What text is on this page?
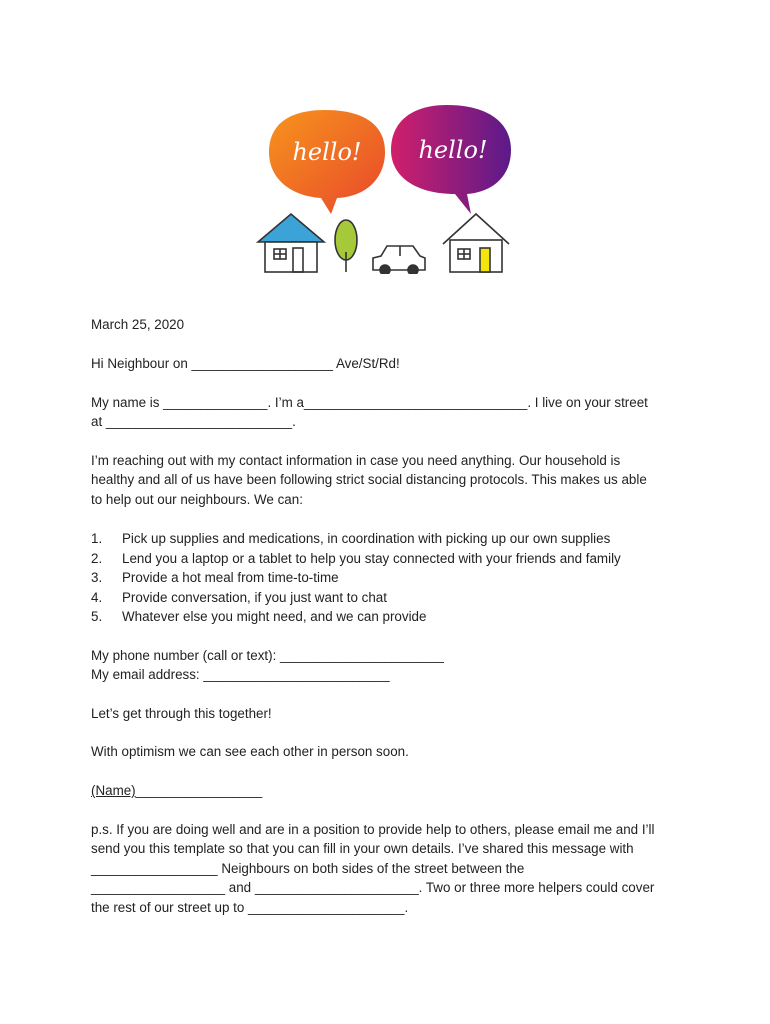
hello! hello!

March 25, 2020

Hi Neighbour on ___________________ Ave/St/Rd!

My name is ______________. I’m a______________________________. I live on your street

at _________________________.

I’m reaching out with my contact information in case you need anything. Our household is

healthy and all of us have been following strict social distancing protocols. This makes us able

to help out our neighbours. We can:

1. Pick up supplies and medications, in coordination with picking up our own supplies
2. Lend you a laptop or a tablet to help you stay connected with your friends and family
3. Provide a hot meal from time-to-time
4. Provide conversation, if you just want to chat
5. Whatever else you might need, and we can provide

My phone number (call or text): ______________________

My email address: _________________________

Let’s get through this together!

With optimism we can see each other in person soon.

(Name)_________________

p.s. If you are doing well and are in a position to provide help to others, please email me and I’ll

send you this template so that you can fill in your own details. I’ve shared this message with

_________________ Neighbours on both sides of the street between the

__________________ and ______________________. Two or three more helpers could cover

the rest of our street up to _____________________.
